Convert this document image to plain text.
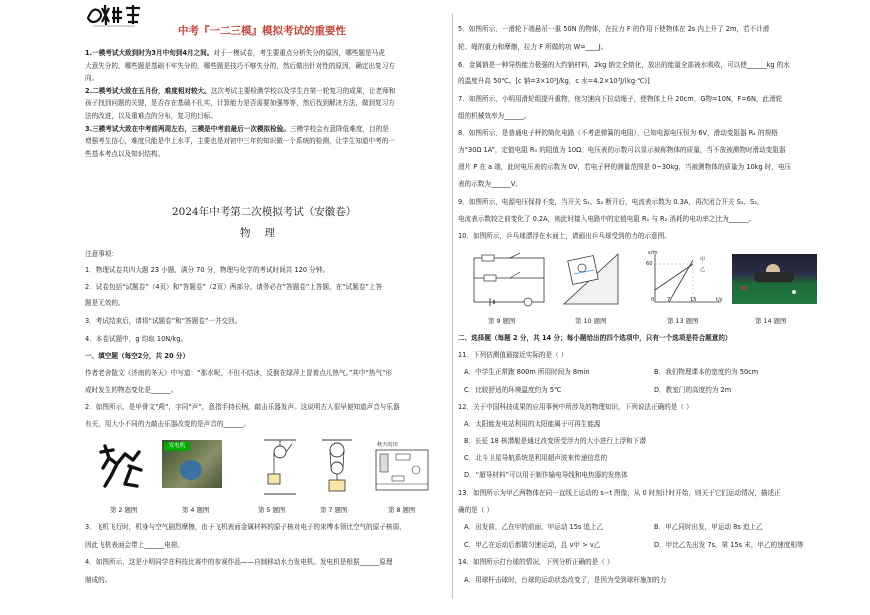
中考『一二三模』模拟考试的重要性
1.一模考试大致到时为3月中旬到4月之间。对于一模试卷，考生要重点分析失分的原因，哪些题是马虎
大意失分的，哪些题是基础不牢失分的，哪些题是技巧不够失分的，然后做出针对性的原因，确定出复习方
向。
2.二模考试大致在五月份，难度相对较大。这次考试主要检测学校以及学生在第一轮复习的成果，让老师和
孩子找到问题的关键，是否存在基础不扎实，计算能力是否需要加强等等，然后找到解决方法，做到复习方
法的改进，以及重难点的分布，复习的目标。
3.三模考试大致在中考前两周左右，三模是中考前最后一次模拟检验。三模学校会有意降低难度，目的是
增强考生信心，难度只能是中上水平，主要也是对初中三年的知识做一个系统的检测，让学生知道中考的一
些基本考点以及知识结构。
2024年中考第二次模拟考试（安徽卷）
物理
注意事项：
1．物理试卷共四大题 23 小题，满分 70 分，物理与化学的考试时间共 120 分钟。
2．试卷包括“试题卷”（4页）和“答题卷”（2页）两部分。请务必在“答题卷”上答题，在“试题卷”上答
题是无效的。
3．考试结束后，请将“试题卷”和“答题卷”一并交回。
4．本卷试题中，g 均取 10N/kg。
一、填空题（每空2分，共 20 分）
作者老舍散文《济南的冬天》中写道：“那水呢，不但不结冰，反倒在绿萍上冒着点儿热气。”其中“热气”形
成时发生的物态变化是______。
2．如图所示，是甲骨文“殸”，字同“声”，意指手持长柄，敲击乐器发声。这说明古人很早便知道声音与乐器
有关，用大小不同的力敲击乐器改变的是声音的______。
发电机	秋天的田
第 2 题图	第 4 题图	第 5 题图	第 7 题图	第 8 题图
3．飞机飞行时，机身与空气剧烈摩擦，由于飞机表面金属材料的原子核对电子的束缚本领比空气的原子核弱，
因此飞机表面会带上______电荷。
4．如图所示，这是小明同学在科技比赛中的参赛作品——自制移动水力发电机。发电机是根据______原理
制成的。
5．如图所示，一滑轮下端悬吊一重 50N 的物体，在拉力 F 的作用下使物体在 2s 内上升了 2m，若不计滑
轮、绳的重力和摩擦，拉力 F 所做的功 W=____J。
6．金属钠是一种导热能力极强的大约钠材料，2kg 钠完全熔化，放出的能量全部被水吸收，可以使______kg 的水
的温度升高 50℃。[c 钠=3×10³J/kg，c 水=4.2×10³J/(kg·℃)]
7．如图所示，小明用滑轮组提升重物，他匀速向下拉动绳子，使物体上升 20cm，G物=10N，F=6N，此滑轮
组的机械效率为______。
8．如图所示，是普通电子秤的简化电路（不考虑弹簧的电阻），已知电源电压恒为 6V，滑动变阻器 R₁ 的规格
为“30Ω 1A”，定值电阻 R₀ 的阻值为 10Ω。电压表的示数可以显示被称物体的质量，当不放被测物时滑动变阻器
滑片 P 在 a 端，此时电压表的示数为 0V，若电子秤的测量范围是 0~30kg，当被测物体的质量为 10kg 时，电压
表的示数为______V。
9．如图所示，电源电压保持不变，当开关 S₁、S₂ 断开后，电流表示数为 0.3A，再次闭合开关 S₁、S₂，
电流表示数较之前变化了 0.2A，则此时接入电路中的定值电阻 R₁ 与 R₂ 消耗的电功率之比为______。
10．如图所示，乒乓球漂浮在水面上，请画出乒乓球受到的力的示意图。
s/m
60
t/s
0 7	15
甲
乙
第 9 题图	第 10 题图	第 13 题图	第 14 题图
二、选择题（每题 2 分，共 14 分；每小题给出的四个选项中，只有一个选项是符合题意的）
11．下列估测值最接近实际的是（ ）
A．中学生正常跑 800m 所用时间为 8min	B．我们物理课本的宽度约为 50cm
C．比较舒适的环境温度约为 5℃	D．教室门的高度约为 2m
12．关于中国科技成果的应用事例中所涉及的物理知识，下列说法正确的是（ ）
A．太阳能发电站利用的太阳能属于可再生能源
B．长征 18 核潜艇是通过改变所受浮力的大小进行上浮和下潜
C．北斗卫星导航系统是利用超声波来传递信息的
D．“超导材料”可以用于制作输电导线和电热器的发热体
13．如图所示为甲乙两物体在同一直线上运动的 s−t 图像，从 0 时刻计时开始，则关于它们运动情况，描述正
确的是（ ）
A．出发前，乙在甲的前面，甲运动 15s 追上乙	B．甲乙同时出发，甲运动 8s 追上乙
C．甲乙在运动后都做匀速运动，且 v甲 > v乙	D．甲比乙先出发 7s，第 15s 末，甲乙的速度相等
14．如图所示打台球的情况，下列分析正确的是（ ）
A．用球杆击球时，台球的运动状态改变了，是因为受到球杆施加的力
